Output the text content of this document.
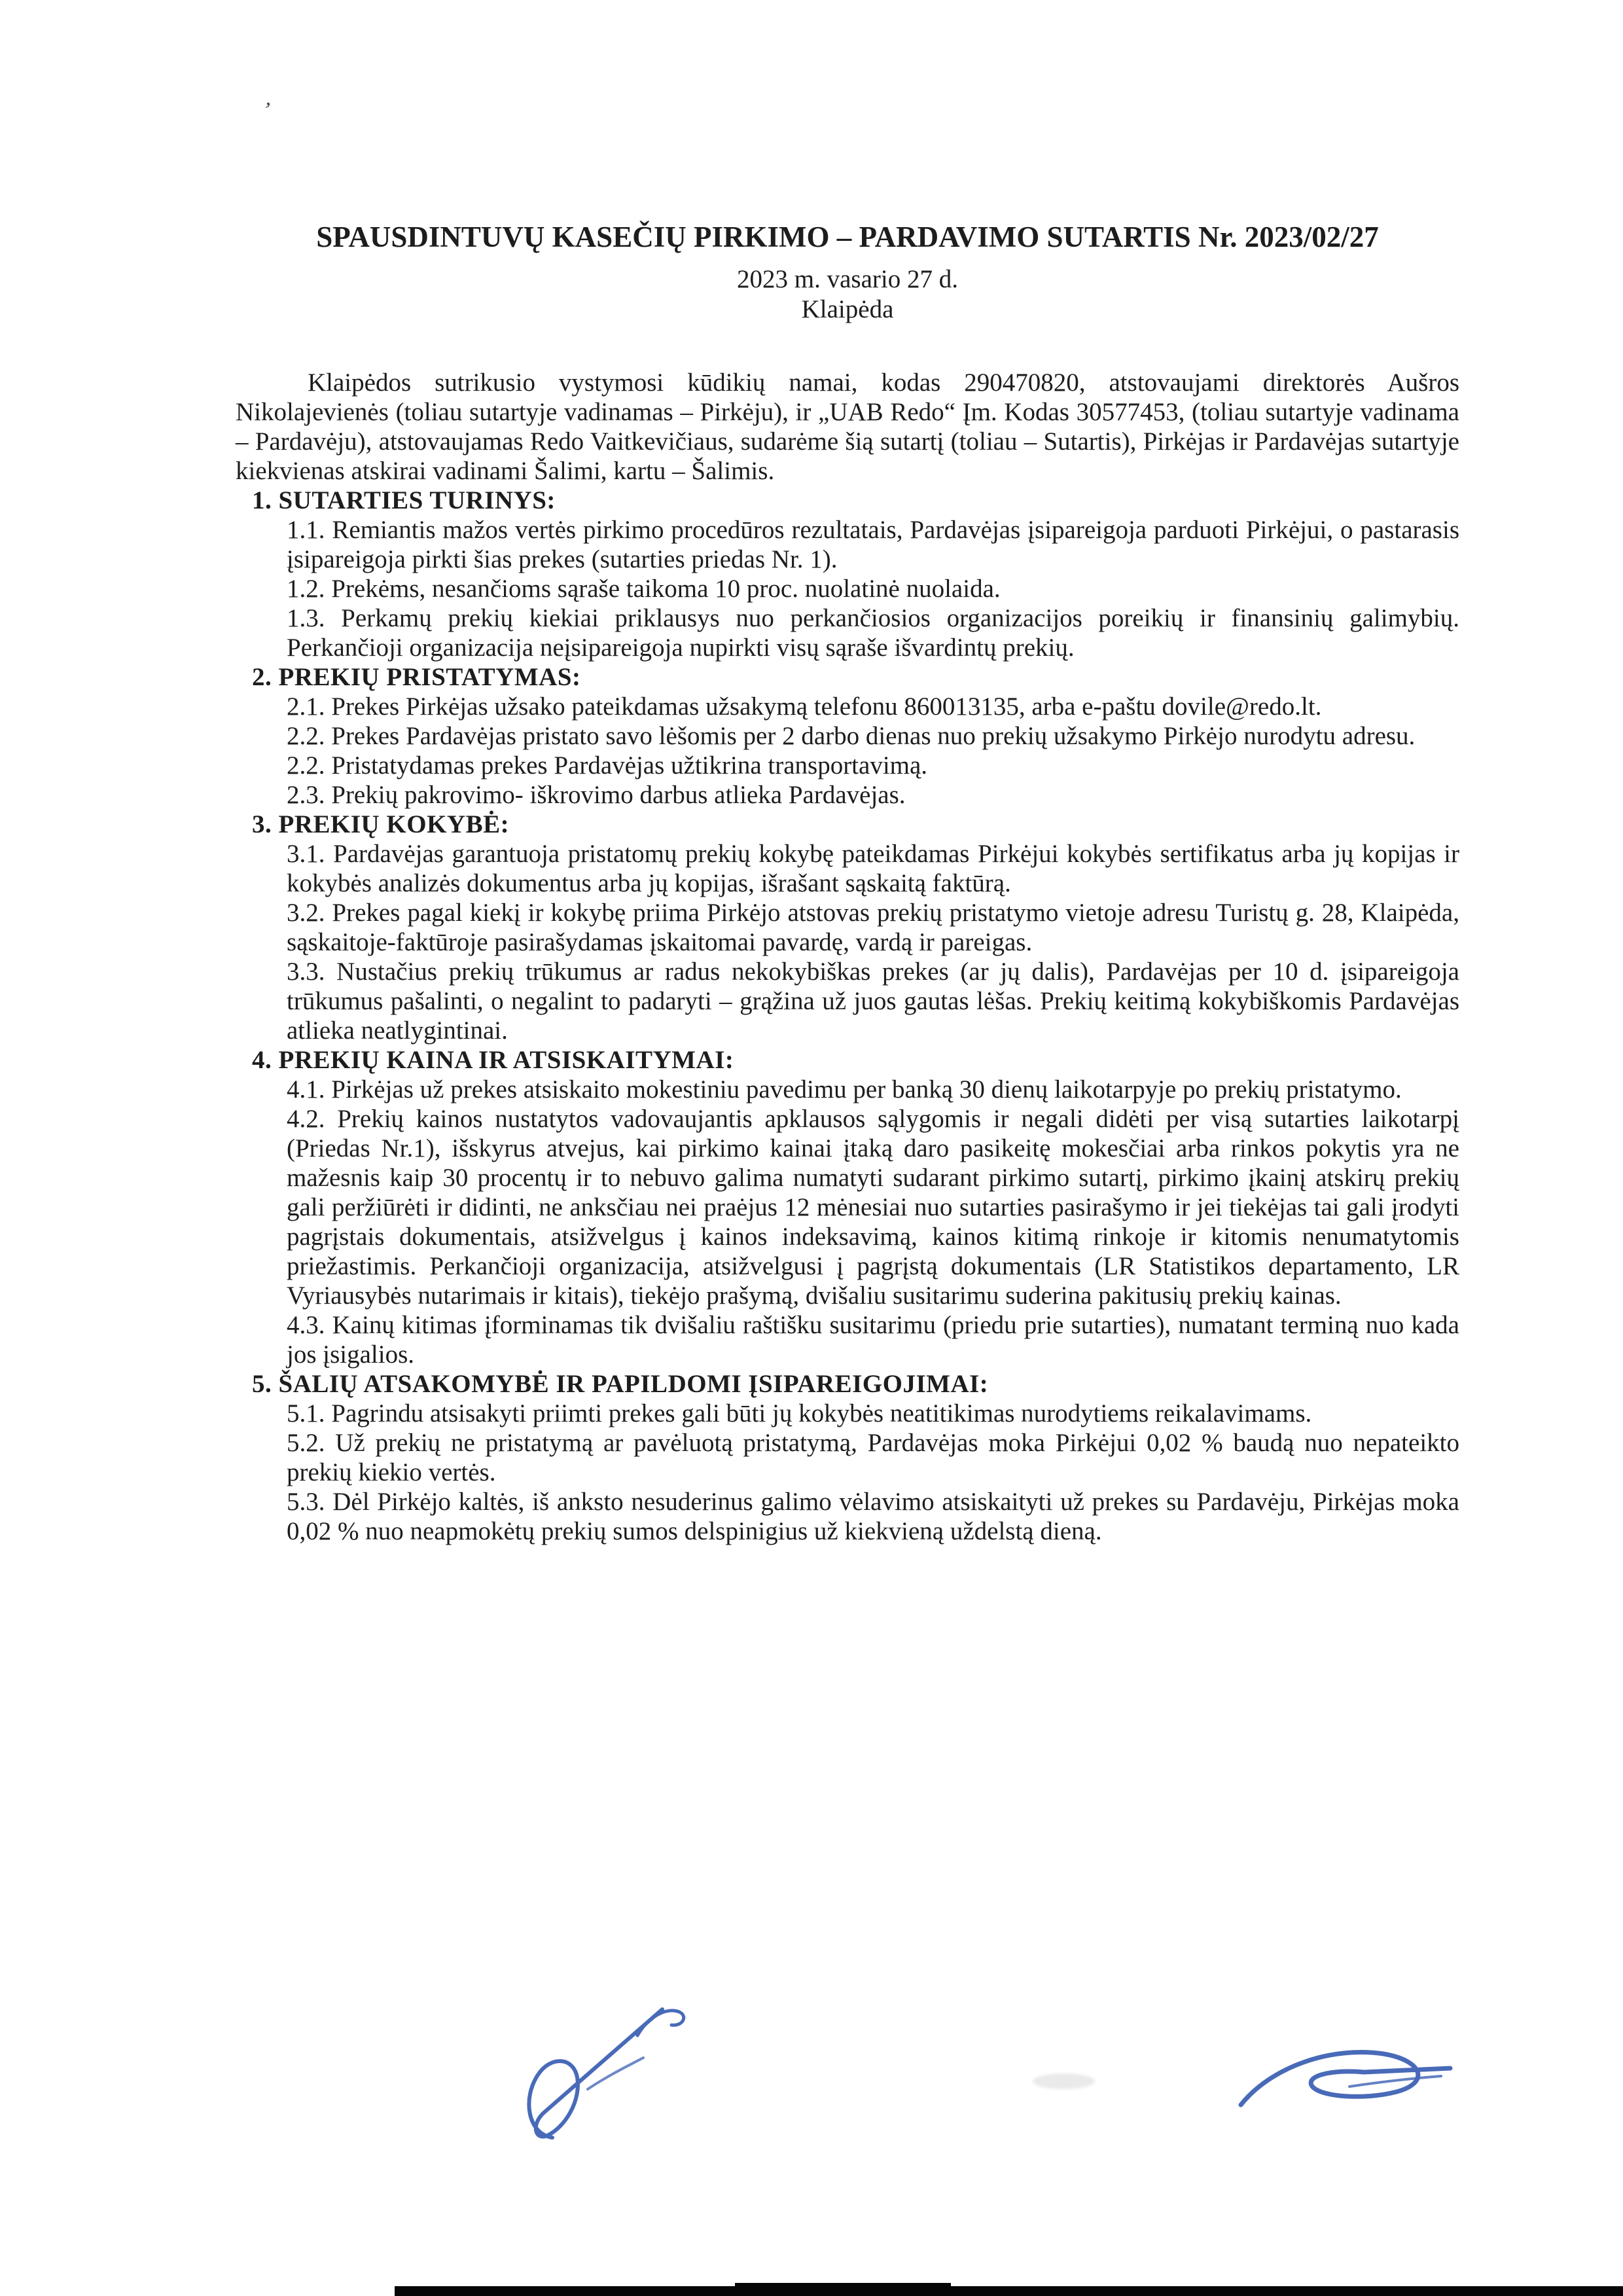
’
SPAUSDINTUVŲ KASEČIŲ PIRKIMO – PARDAVIMO SUTARTIS Nr. 2023/02/27
2023 m. vasario 27 d.
Klaipėda

Klaipėdos sutrikusio vystymosi kūdikių namai, kodas 290470820, atstovaujami direktorės Aušros Nikolajevienės (toliau sutartyje vadinamas – Pirkėju), ir „UAB Redo“ Įm. Kodas 30577453, (toliau sutartyje vadinama – Pardavėju), atstovaujamas Redo Vaitkevičiaus, sudarėme šią sutartį (toliau – Sutartis), Pirkėjas ir Pardavėjas sutartyje kiekvienas atskirai vadinami Šalimi, kartu – Šalimis.

1. SUTARTIES TURINYS:

1.1. Remiantis mažos vertės pirkimo procedūros rezultatais, Pardavėjas įsipareigoja parduoti Pirkėjui, o pastarasis įsipareigoja pirkti šias prekes (sutarties priedas Nr. 1).

1.2. Prekėms, nesančioms sąraše taikoma 10 proc. nuolatinė nuolaida.

1.3. Perkamų prekių kiekiai priklausys nuo perkančiosios organizacijos poreikių ir finansinių galimybių. Perkančioji organizacija neįsipareigoja nupirkti visų sąraše išvardintų prekių.

2. PREKIŲ PRISTATYMAS:

2.1. Prekes Pirkėjas užsako pateikdamas užsakymą telefonu 860013135, arba e-paštu dovile@redo.lt.

2.2. Prekes Pardavėjas pristato savo lėšomis per 2 darbo dienas nuo prekių užsakymo Pirkėjo nurodytu adresu.

2.2. Pristatydamas prekes Pardavėjas užtikrina transportavimą.

2.3. Prekių pakrovimo- iškrovimo darbus atlieka Pardavėjas.

3. PREKIŲ KOKYBĖ:

3.1. Pardavėjas garantuoja pristatomų prekių kokybę pateikdamas Pirkėjui kokybės sertifikatus arba jų kopijas ir kokybės analizės dokumentus arba jų kopijas, išrašant sąskaitą faktūrą.

3.2. Prekes pagal kiekį ir kokybę priima Pirkėjo atstovas prekių pristatymo vietoje adresu Turistų g. 28, Klaipėda, sąskaitoje-faktūroje pasirašydamas įskaitomai pavardę, vardą ir pareigas.

3.3. Nustačius prekių trūkumus ar radus nekokybiškas prekes (ar jų dalis), Pardavėjas per 10 d. įsipareigoja trūkumus pašalinti, o negalint to padaryti – grąžina už juos gautas lėšas. Prekių keitimą kokybiškomis Pardavėjas atlieka neatlygintinai.

4. PREKIŲ KAINA IR ATSISKAITYMAI:

4.1. Pirkėjas už prekes atsiskaito mokestiniu pavedimu per banką 30 dienų laikotarpyje po prekių pristatymo.

4.2. Prekių kainos nustatytos vadovaujantis apklausos sąlygomis ir negali didėti per visą sutarties laikotarpį (Priedas Nr.1), išskyrus atvejus, kai pirkimo kainai įtaką daro pasikeitę mokesčiai arba rinkos pokytis yra ne mažesnis kaip 30 procentų ir to nebuvo galima numatyti sudarant pirkimo sutartį, pirkimo įkainį atskirų prekių gali peržiūrėti ir didinti, ne anksčiau nei praėjus 12 mėnesiai nuo sutarties pasirašymo ir jei tiekėjas tai gali įrodyti pagrįstais dokumentais, atsižvelgus į kainos indeksavimą, kainos kitimą rinkoje ir kitomis nenumatytomis priežastimis. Perkančioji organizacija, atsižvelgusi į pagrįstą dokumentais (LR Statistikos departamento, LR Vyriausybės nutarimais ir kitais), tiekėjo prašymą, dvišaliu susitarimu suderina pakitusių prekių kainas.

4.3. Kainų kitimas įforminamas tik dvišaliu raštišku susitarimu (priedu prie sutarties), numatant terminą nuo kada jos įsigalios.

5. ŠALIŲ ATSAKOMYBĖ IR PAPILDOMI ĮSIPAREIGOJIMAI:

5.1. Pagrindu atsisakyti priimti prekes gali būti jų kokybės neatitikimas nurodytiems reikalavimams.

5.2. Už prekių ne pristatymą ar pavėluotą pristatymą, Pardavėjas moka Pirkėjui 0,02 % baudą nuo nepateikto prekių kiekio vertės.

5.3. Dėl Pirkėjo kaltės, iš anksto nesuderinus galimo vėlavimo atsiskaityti už prekes su Pardavėju, Pirkėjas moka 0,02 % nuo neapmokėtų prekių sumos delspinigius už kiekvieną uždelstą dieną.
